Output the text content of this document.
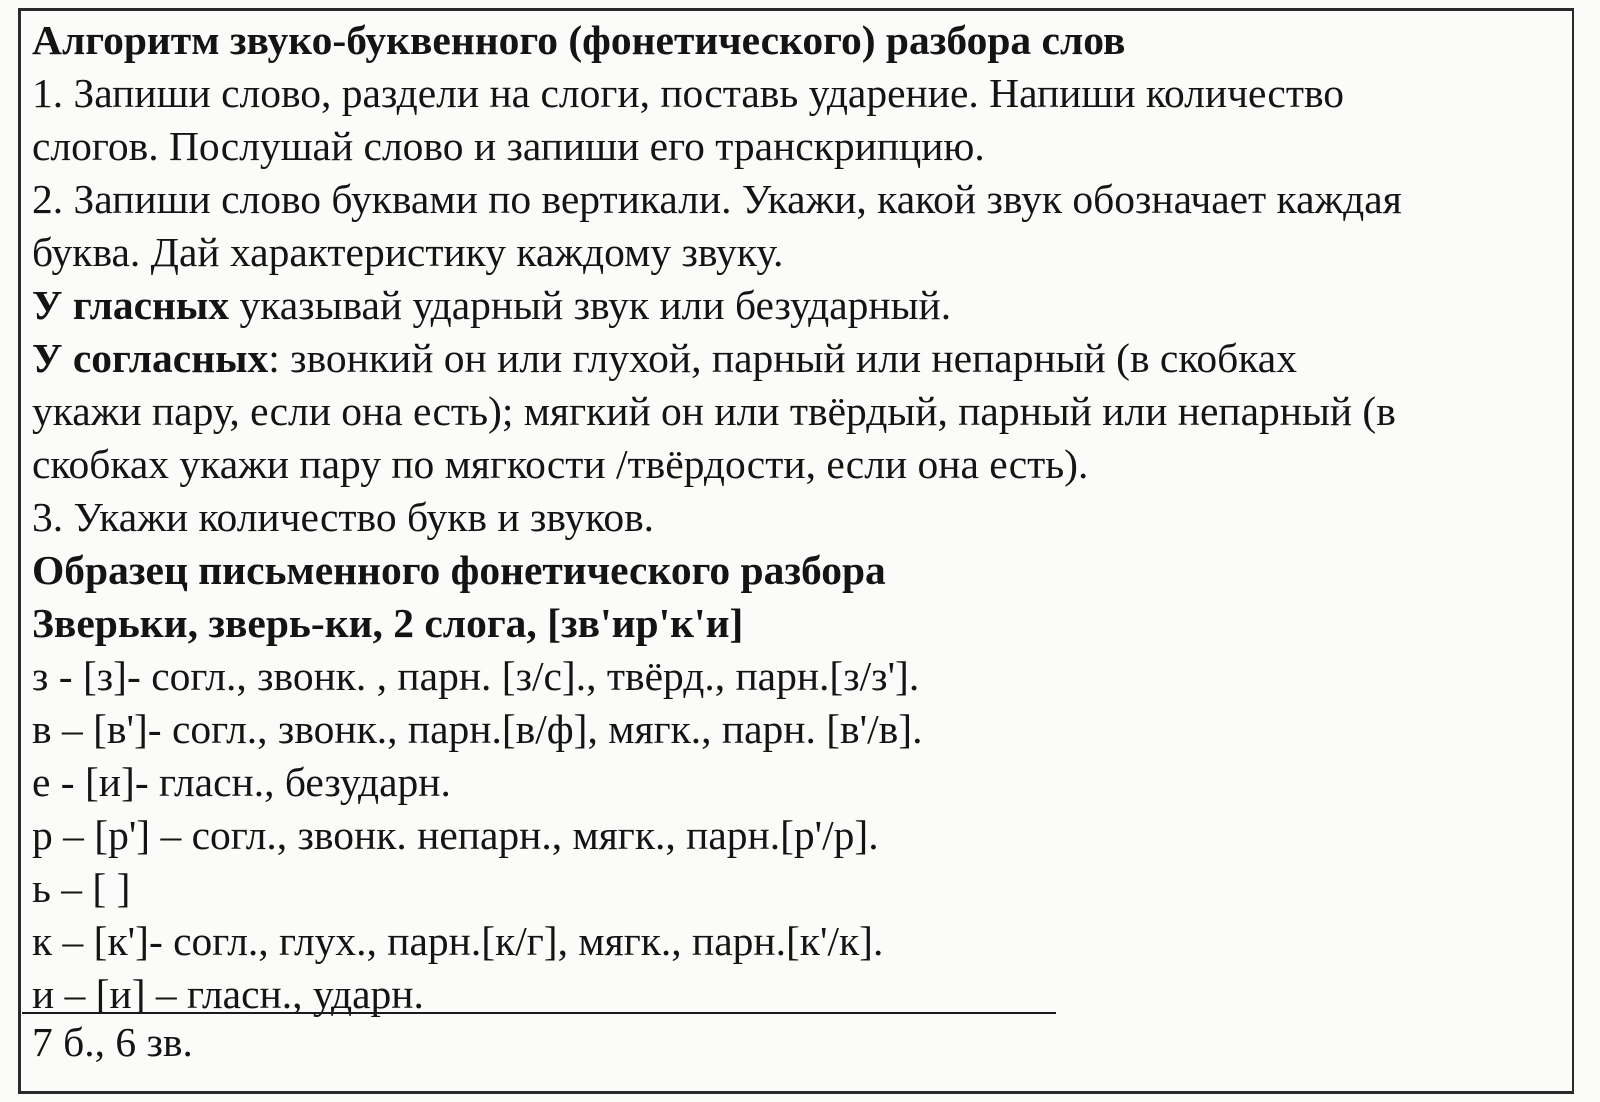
Алгоритм звуко-буквенного (фонетического) разбора слов
1. Запиши слово, раздели на слоги, поставь ударение. Напиши количество
слогов. Послушай слово и запиши его транскрипцию.
2. Запиши слово буквами по вертикали. Укажи, какой звук обозначает каждая
буква. Дай характеристику каждому звуку.
У гласных указывай ударный звук или безударный.
У согласных: звонкий он или глухой, парный или непарный (в скобках
укажи пару, если она есть); мягкий он или твёрдый, парный или непарный (в
скобках укажи пару по мягкости /твёрдости, если она есть).
3. Укажи количество букв и звуков.
Образец письменного фонетического разбора
Зверьки, зверь-ки, 2 слога, [зв'ир'к'и]
з - [з]- согл., звонк. , парн. [з/с]., твёрд., парн.[з/з'].
в – [в']- согл., звонк., парн.[в/ф], мягк., парн. [в'/в].
е - [и]- гласн., безударн.
р – [р'] – согл., звонк. непарн., мягк., парн.[р'/р].
ь – [ ]
к – [к']- согл., глух., парн.[к/г], мягк., парн.[к'/к].
и – [и] – гласн., ударн.
7 б., 6 зв.
